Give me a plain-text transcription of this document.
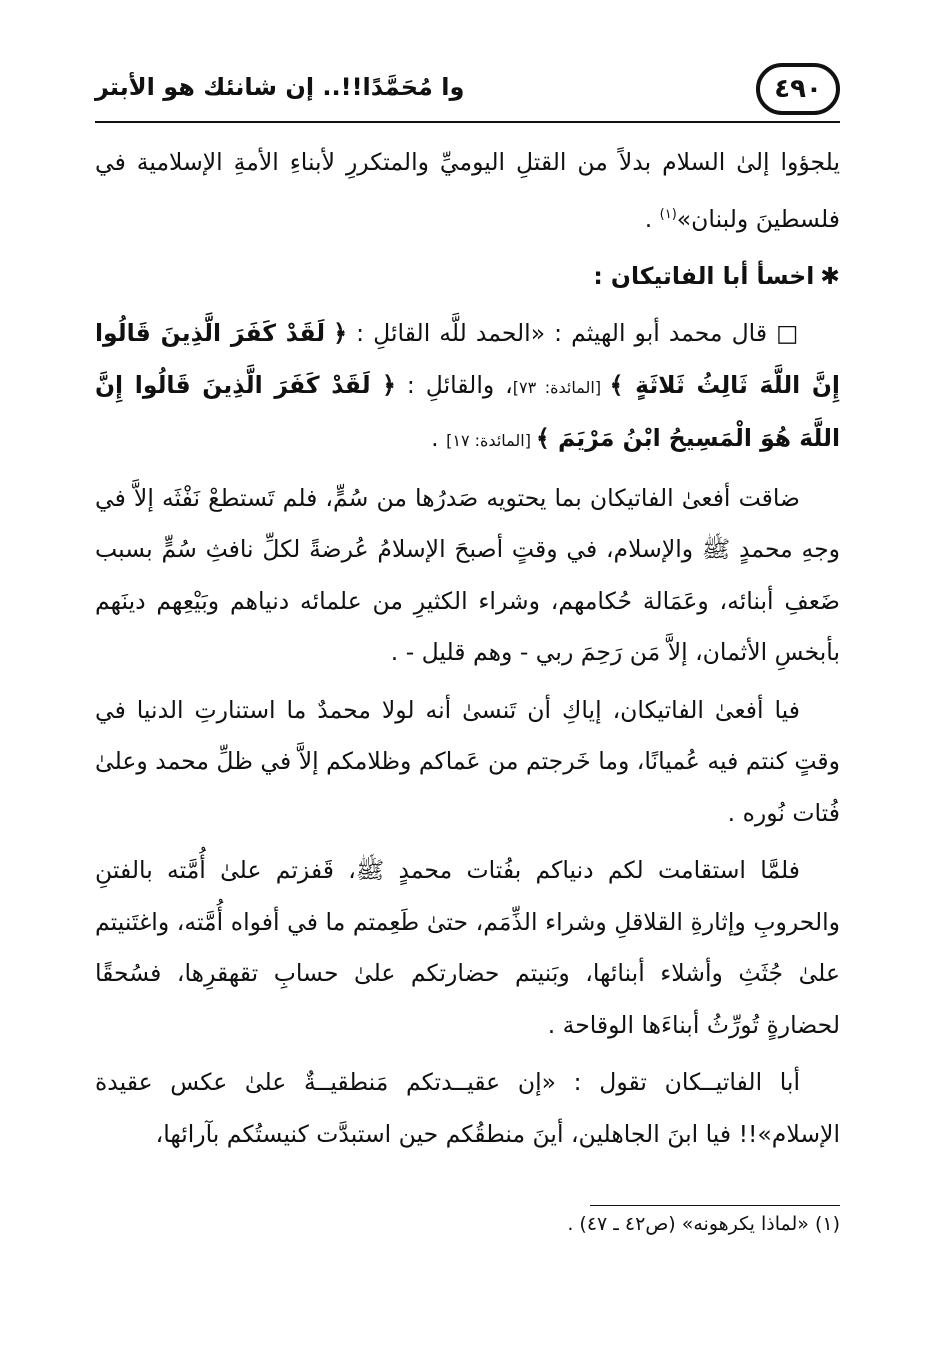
٤٩٠
وا مُحَمَّدًا!!.. إن شانئك هو الأبتر

يلجؤوا إلىٰ السلام بدلاً من القتلِ اليوميِّ والمتكررِ لأبناءِ الأمةِ الإسلامية في فلسطينَ ولبنان»$^{(١)}$ .

✱اخسأ أبا الفاتيكان :

□ قال محمد أبو الهيثم : «الحمد للَّه القائلِ : ﴿ لَقَدْ كَفَرَ الَّذِينَ قَالُوا إِنَّ اللَّهَ ثَالِثُ ثَلاثَةٍ ﴾ [المائدة: ٧٣]، والقائلِ : ﴿ لَقَدْ كَفَرَ الَّذِينَ قَالُوا إِنَّ اللَّهَ هُوَ الْمَسِيحُ ابْنُ مَرْيَمَ ﴾ [المائدة: ١٧] .

ضاقت أفعىٰ الفاتيكان بما يحتويه صَدرُها من سُمٍّ، فلم تَستطعْ نَفْثَه إلاَّ في وجهِ محمدٍ ﷺ والإسلام، في وقتٍ أصبحَ الإسلامُ عُرضةً لكلِّ نافثِ سُمٍّ بسبب ضَعفِ أبنائه، وعَمَالة حُكامهم، وشراء الكثيرِ من علمائه دنياهم وبَيْعِهم دينَهم بأبخسِ الأثمان، إلاَّ مَن رَحِمَ ربي - وهم قليل - .

فيا أفعىٰ الفاتيكان، إياكِ أن تَنسىٰ أنه لولا محمدٌ ما استنارتِ الدنيا في وقتٍ كنتم فيه عُميانًا، وما خَرجتم من عَماكم وظلامكم إلاَّ في ظلِّ محمد وعلىٰ فُتات نُوره .

فلمَّا استقامت لكم دنياكم بفُتات محمدٍ ﷺ، قَفزتم علىٰ أُمَّته بالفتنِ والحروبِ وإثارةِ القلاقلِ وشراء الذِّمَم، حتىٰ طَعِمتم ما في أفواه أُمَّته، واغتَنيتم علىٰ جُثَثِ وأشلاء أبنائها، وبَنيتم حضارتكم علىٰ حسابِ تقهقرِها، فسُحقًا لحضارةٍ تُورِّثُ أبناءَها الوقاحة .

أبا الفاتيــكان تقول : «إن عقيــدتكم مَنطقيــةٌ علىٰ عكس عقيدة الإسلام»!! فيا ابنَ الجاهلين، أينَ منطقُكم حين استبدَّت كنيستُكم بآرائها،

(١) «لماذا يكرهونه» (ص٤٢ ـ ٤٧) .
